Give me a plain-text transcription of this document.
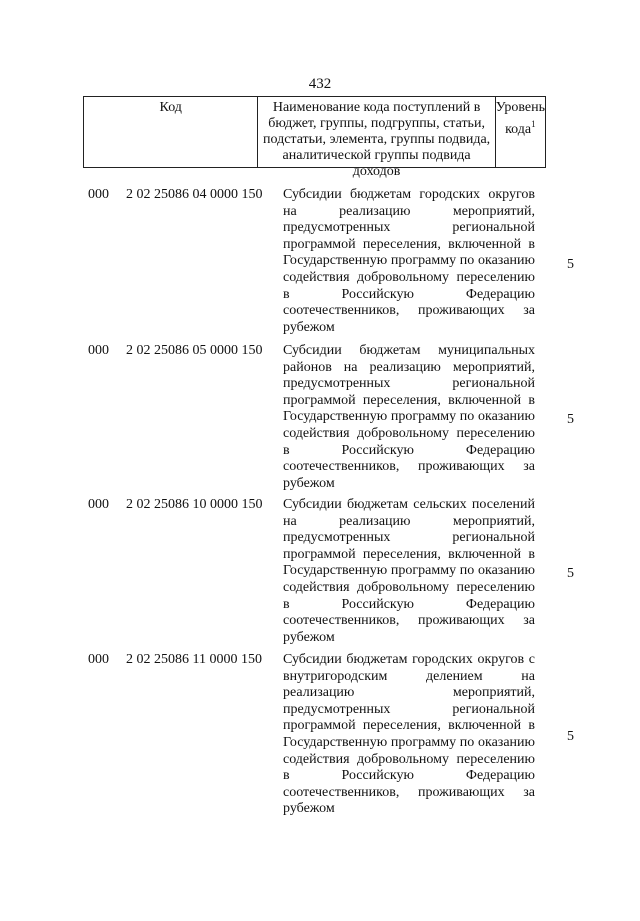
432
Код	Наименование кода поступлений в бюджет, группы, подгруппы, статьи, подстатьи, элемента, группы подвида, аналитической группы подвида доходов
Уровень кода$^1$
000 2 02 25086 04 0000 150 Субсидии бюджетам городских округов на реализацию мероприятий, предусмотренных региональной программой переселения, включенной в Государственную программу по оказанию содействия добровольному переселению в Российскую Федерацию соотечественников, проживающих за рубежом
5
000 2 02 25086 05 0000 150 Субсидии бюджетам муниципальных районов на реализацию мероприятий, предусмотренных региональной программой переселения, включенной в Государственную программу по оказанию содействия добровольному переселению в Российскую Федерацию соотечественников, проживающих за рубежом
5
000 2 02 25086 10 0000 150 Субсидии бюджетам сельских поселений на реализацию мероприятий, предусмотренных региональной программой переселения, включенной в Государственную программу по оказанию содействия добровольному переселению в Российскую Федерацию соотечественников, проживающих за рубежом
5
000 2 02 25086 11 0000 150 Субсидии бюджетам городских округов с внутригородским делением на реализацию мероприятий, предусмотренных региональной программой переселения, включенной в Государственную программу по оказанию содействия добровольному переселению в Российскую Федерацию соотечественников, проживающих за рубежом
5
